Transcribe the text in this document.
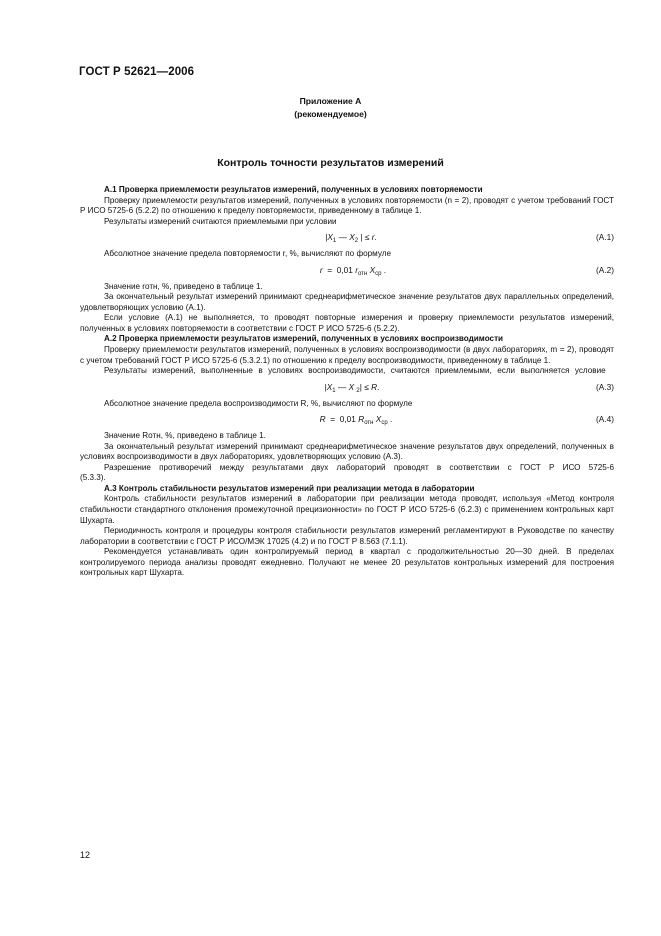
ГОСТ Р 52621—2006
Приложение А
(рекомендуемое)
Контроль точности результатов измерений

А.1 Проверка приемлемости результатов измерений, полученных в условиях повторяемости

Проверку приемлемости результатов измерений, полученных в условиях повторяемости (n = 2), проводят с учетом требований ГОСТ Р ИСО 5725-6 (5.2.2) по отношению к пределу повторяемости, приведенному в таблице 1.

Результаты измерений считаются приемлемыми при условии

$|X_1$ — $X_2$ | ≤ r.	(А.1)

Абсолютное значение предела повторяемости r, %, вычисляют по формуле

r  =  0,01 $r_{отн}$ $X_{ср}$ .	(А.2)

Значение rотн, %, приведено в таблице 1.

За окончательный результат измерений принимают среднеарифметическое значение результатов двух параллельных определений, удовлетворяющих условию (А.1).

Если условие (А.1) не выполняется, то проводят повторные измерения и проверку приемлемости результатов измерений, полученных в условиях повторяемости в соответствии с ГОСТ Р ИСО 5725-6 (5.2.2).

А.2 Проверка приемлемости результатов измерений, полученных в условиях воспроизводимости

Проверку приемлемости результатов измерений, полученных в условиях воспроизводимости (в двух лабораториях, m = 2), проводят с учетом требований ГОСТ Р ИСО 5725-6 (5.3.2.1) по отношению к пределу воспроизводимости, приведенному в таблице 1.

Результаты измерений, выполненные в условиях воспроизводимости, считаются приемлемыми, если выполняется условие

$|X_1$ — X $_2$| ≤ R.	(А.3)

Абсолютное значение предела воспроизводимости R, %, вычисляют по формуле

R  =  0,01 $R_{отн}$ $X_{ср}$ .	(А.4)

Значение Rотн, %, приведено в таблице 1.

За окончательный результат измерений принимают среднеарифметическое значение результатов двух определений, полученных в условиях воспроизводимости в двух лабораториях, удовлетворяющих условию (А.3).

Разрешение противоречий между результатами двух лабораторий проводят в соответствии с ГОСТ Р ИСО 5725-6 (5.3.3).

А.3 Контроль стабильности результатов измерений при реализации метода в лаборатории

Контроль стабильности результатов измерений в лаборатории при реализации метода проводят, используя «Метод контроля стабильности стандартного отклонения промежуточной прецизионности» по ГОСТ Р ИСО 5725-6 (6.2.3) с применением контрольных карт Шухарта.

Периодичность контроля и процедуры контроля стабильности результатов измерений регламентируют в Руководстве по качеству лаборатории в соответствии с ГОСТ Р ИСО/МЭК 17025 (4.2) и по ГОСТ Р 8.563 (7.1.1).

Рекомендуется устанавливать один контролируемый период в квартал с продолжительностью 20—30 дней. В пределах контролируемого периода анализы проводят ежедневно. Получают не менее 20 результатов контрольных измерений для построения контрольных карт Шухарта.

12
